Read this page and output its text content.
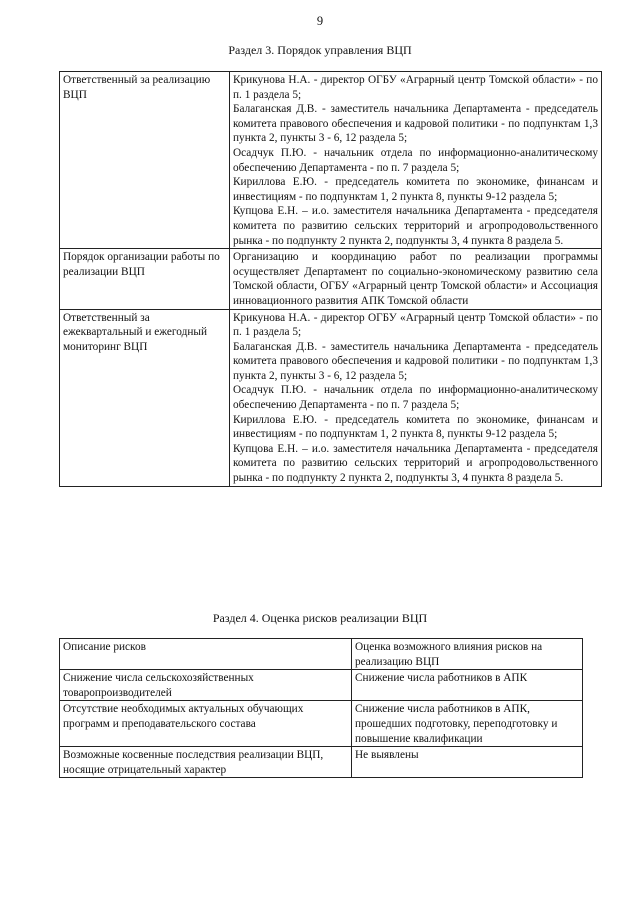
9
Раздел 3. Порядок управления ВЦП
Ответственный за реализацию ВЦП	Крикунова Н.А. - директор ОГБУ «Аграрный центр Томской области» - по п. 1 раздела 5;

Балаганская Д.В. - заместитель начальника Департамента - председатель комитета правового обеспечения и кадровой политики - по подпунктам 1,3 пункта 2, пункты 3 - 6, 12 раздела 5;

Осадчук П.Ю. - начальник отдела по информационно-аналитическому обеспечению Департамента - по п. 7 раздела 5;

Кириллова Е.Ю. - председатель комитета по экономике, финансам и инвестициям - по подпунктам 1, 2 пункта 8, пункты 9-12 раздела 5;

Купцова Е.Н. – и.о. заместителя начальника Департамента - председателя комитета по развитию сельских территорий и агропродовольственного рынка - по подпункту 2 пункта 2, подпункты 3, 4 пункта 8 раздела 5.

Порядок организации работы по реализации ВЦП	Организацию и координацию работ по реализации программы осуществляет Департамент по социально-экономическому развитию села Томской области, ОГБУ «Аграрный центр Томской области» и Ассоциация инновационного развития АПК Томской области

Ответственный за ежеквартальный и ежегодный мониторинг ВЦП	Крикунова Н.А. - директор ОГБУ «Аграрный центр Томской области» - по п. 1 раздела 5;

Балаганская Д.В. - заместитель начальника Департамента - председатель комитета правового обеспечения и кадровой политики - по подпунктам 1,3 пункта 2, пункты 3 - 6, 12 раздела 5;

Осадчук П.Ю. - начальник отдела по информационно-аналитическому обеспечению Департамента - по п. 7 раздела 5;

Кириллова Е.Ю. - председатель комитета по экономике, финансам и инвестициям - по подпунктам 1, 2 пункта 8, пункты 9-12 раздела 5;

Купцова Е.Н. – и.о. заместителя начальника Департамента - председателя комитета по развитию сельских территорий и агропродовольственного рынка - по подпункту 2 пункта 2, подпункты 3, 4 пункта 8 раздела 5.

Раздел 4. Оценка рисков реализации ВЦП
Описание рисков	Оценка возможного влияния рисков на реализацию ВЦП
Снижение числа сельскохозяйственных товаропроизводителей	Снижение числа работников в АПК
Отсутствие необходимых актуальных обучающих программ и преподавательского состава	Снижение числа работников в АПК, прошедших подготовку, переподготовку и повышение квалификации
Возможные косвенные последствия реализации ВЦП, носящие отрицательный характер	Не выявлены
